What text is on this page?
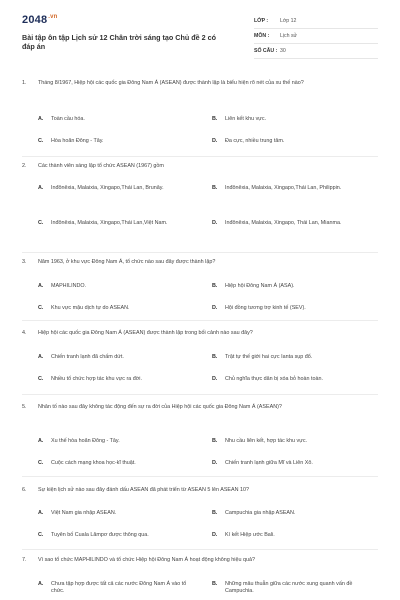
$2048^{.vn}$
Bài tập ôn tập Lịch sử 12 Chân trời sáng tạo Chủ đề 2 có đáp án
LỚP :	Lớp 12
MÔN :	Lịch sử
SỐ CÂU : 30
1.	Tháng 8/1967, Hiệp hội các quốc gia Đông Nam Á (ASEAN) được thành lập là biểu hiện rõ nét của xu thế nào?
A.	Toàn cầu hóa.	B.	Liên kết khu vực.
C.	Hòa hoãn Đông - Tây.	D.	Đa cực, nhiều trung tâm.
2.	Các thành viên sáng lập tổ chức ASEAN (1967) gồm
A.	Inđônêxia, Malaixia, Xingapo,Thái Lan, Brunây.	B.	Inđônêxia, Malaixia, Xingapo,Thái Lan, Philippin.
C.	Inđônêxia, Malaixia, Xingapo,Thái Lan,Việt Nam.	D.	Inđônêxia, Malaixia, Xingapo, Thái Lan, Mianma.
3.	Năm 1963, ở khu vực Đông Nam Á, tổ chức nào sau đây được thành lập?
A.	MAPHILINDO.	B.	Hiệp hội Đông Nam Á (ASA).
C.	Khu vực mậu dịch tự do ASEAN.	D.	Hội đồng tương trợ kinh tế (SEV).
4.	Hiệp hội các quốc gia Đông Nam Á (ASEAN) được thành lập trong bối cảnh nào sau đây?
A.	Chiến tranh lạnh đã chấm dứt.	B.	Trật tự thế giới hai cực Ianta sụp đổ.
C.	Nhiều tổ chức hợp tác khu vực ra đời.	D.	Chủ nghĩa thực dân bị xóa bỏ hoàn toàn.
5.	Nhân tố nào sau đây không tác động đến sự ra đời của Hiệp hội các quốc gia Đông Nam Á (ASEAN)?
A.	Xu thế hòa hoãn Đông - Tây.	B.	Nhu cầu liên kết, hợp tác khu vực.
C.	Cuộc cách mạng khoa học-kĩ thuật.	D.	Chiến tranh lạnh giữa Mĩ và Liên Xô.
6.	Sự kiện lịch sử nào sau đây đánh dấu ASEAN đã phát triển từ ASEAN 5 lên ASEAN 10?
A.	Việt Nam gia nhập ASEAN.	B.	Campuchia gia nhập ASEAN.
C.	Tuyên bố Cuala Lămpơ được thông qua.	D.	Kí kết Hiệp ước Bali.
7.	Vì sao tổ chức MAPHILINDO và tổ chức Hiệp hội Đông Nam Á hoạt động không hiệu quả?
A.	Chưa tập hợp được tất cả các nước Đông Nam Á vào tổ chức.
B.	Những mâu thuẫn giữa các nước xung quanh vấn đề Campuchia.
